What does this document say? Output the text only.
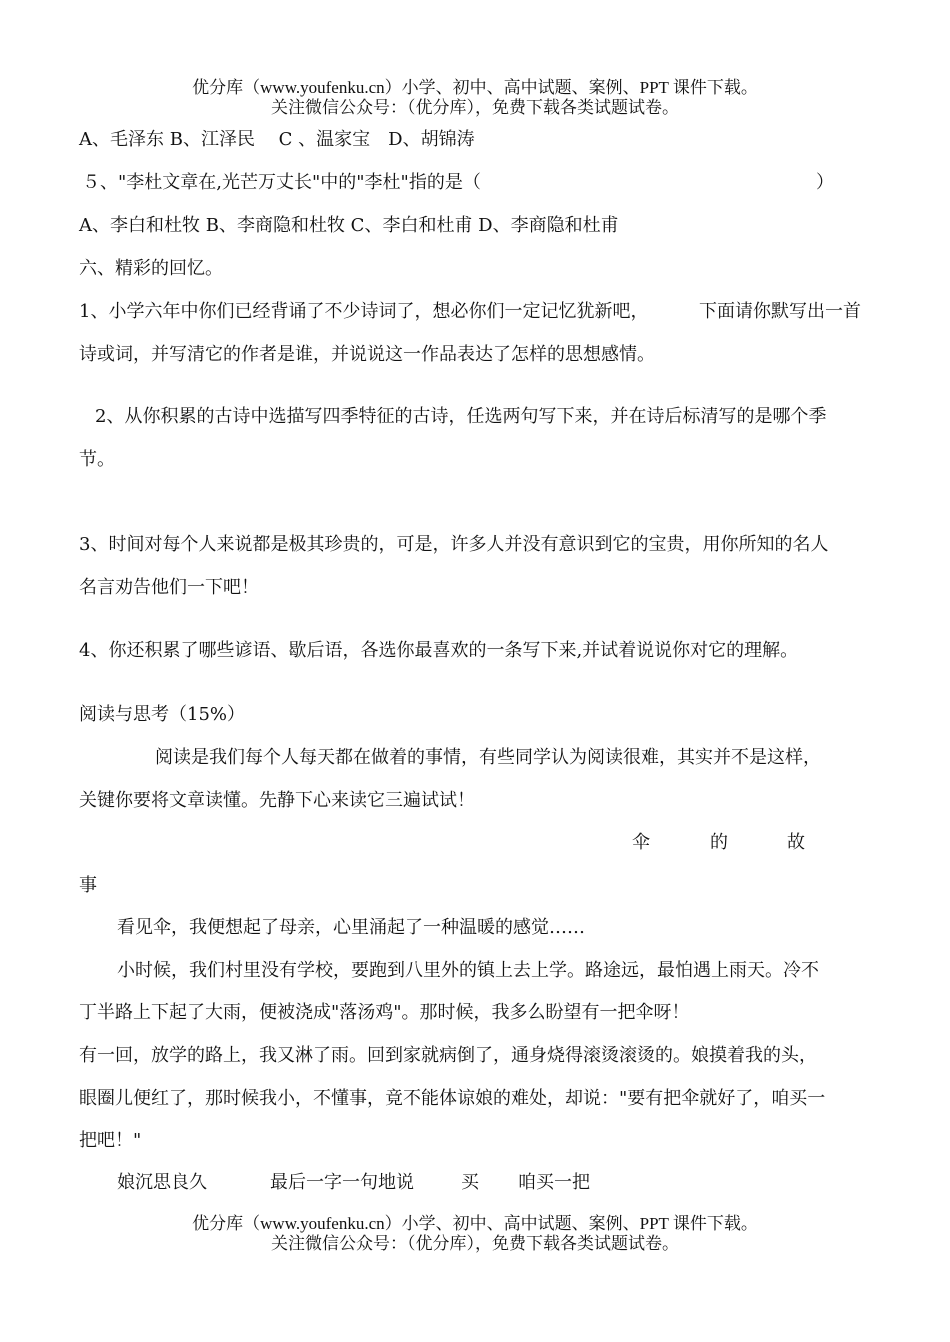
优分库（www.youfenku.cn）小学、初中、高中试题、案例、PPT 课件下载。

关注微信公众号：（优分库），免费下载各类试题试卷。

A、毛泽东 B、江泽民　 C 、温家宝　D、胡锦涛

５、"李杜文章在,光芒万丈长"中的"李杜"指的是（	）

A、李白和杜牧 B、李商隐和杜牧 C、李白和杜甫 D、李商隐和杜甫

六、精彩的回忆。

1、小学六年中你们已经背诵了不少诗词了，想必你们一定记忆犹新吧，	下面请你默写出一首

诗或词，并写清它的作者是谁，并说说这一作品表达了怎样的思想感情。

2、从你积累的古诗中选描写四季特征的古诗，任选两句写下来，并在诗后标清写的是哪个季

节。

3、时间对每个人来说都是极其珍贵的，可是，许多人并没有意识到它的宝贵，用你所知的名人

名言劝告他们一下吧！

4、你还积累了哪些谚语、歇后语，各选你最喜欢的一条写下来,并试着说说你对它的理解。

阅读与思考（15%）

阅读是我们每个人每天都在做着的事情，有些同学认为阅读很难，其实并不是这样，

关键你要将文章读懂。先静下心来读它三遍试试！

伞	的	故

事

看见伞，我便想起了母亲，心里涌起了一种温暖的感觉……

小时候，我们村里没有学校，要跑到八里外的镇上去上学。路途远，最怕遇上雨天。冷不

丁半路上下起了大雨，便被浇成"落汤鸡"。那时候，我多么盼望有一把伞呀！

有一回，放学的路上，我又淋了雨。回到家就病倒了，通身烧得滚烫滚烫的。娘摸着我的头，

眼圈儿便红了，那时候我小，不懂事，竟不能体谅娘的难处，却说："要有把伞就好了，咱买一

把吧！"

娘沉思良久	最后一字一句地说	买 咱买一把

优分库（www.youfenku.cn）小学、初中、高中试题、案例、PPT 课件下载。

关注微信公众号：（优分库），免费下载各类试题试卷。
